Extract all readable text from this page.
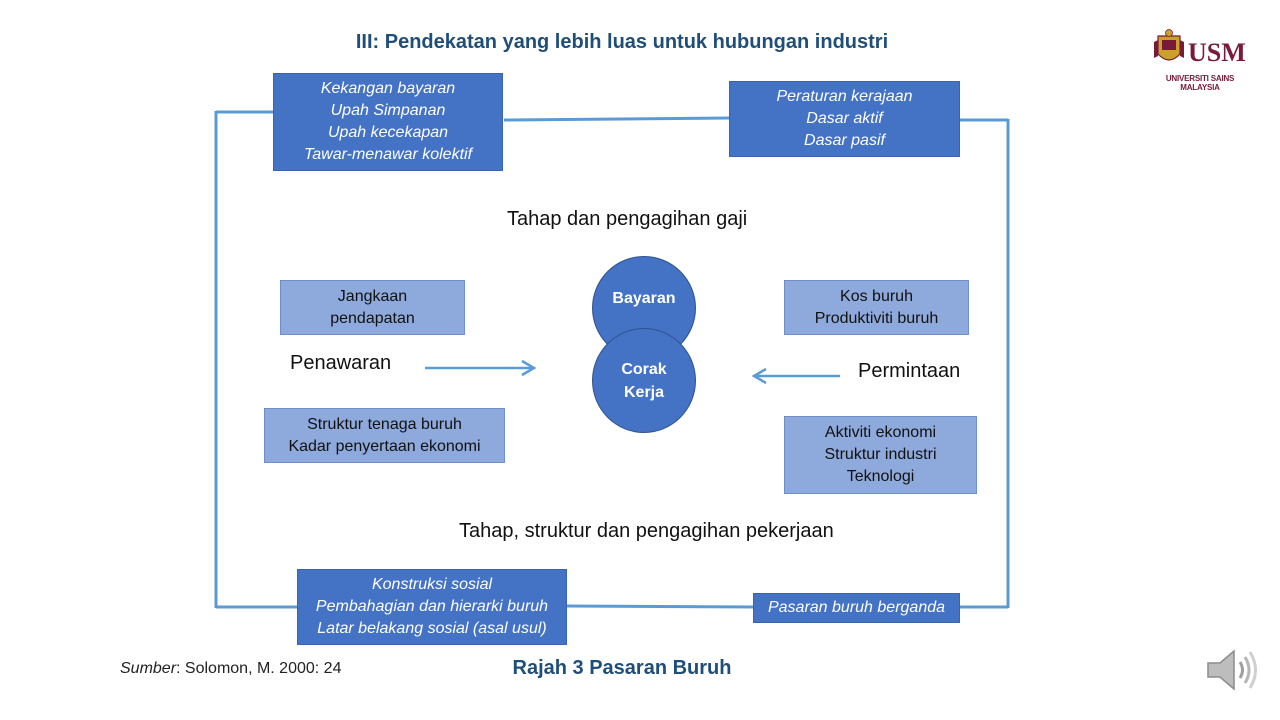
III: Pendekatan yang lebih luas untuk hubungan industri	USM
UNIVERSITI SAINS MALAYSIA
Kekangan bayaran
Upah Simpanan
Upah kecekapan
Tawar-menawar kolektif
Peraturan kerajaan
Dasar aktif
Dasar pasif
Konstruksi sosial
Pembahagian dan hierarki buruh
Latar belakang sosial (asal usul)
Pasaran buruh berganda
Tahap dan pengagihan gaji
Tahap, struktur dan pengagihan pekerjaan
Jangkaan
pendapatan
Penawaran
Struktur tenaga buruh
Kadar penyertaan ekonomi
Kos buruh
Produktiviti buruh
Permintaan
Aktiviti ekonomi
Struktur industri
Teknologi
Bayaran
Corak
Kerja
Sumber: Solomon, M. 2000: 24	Rajah 3 Pasaran Buruh
